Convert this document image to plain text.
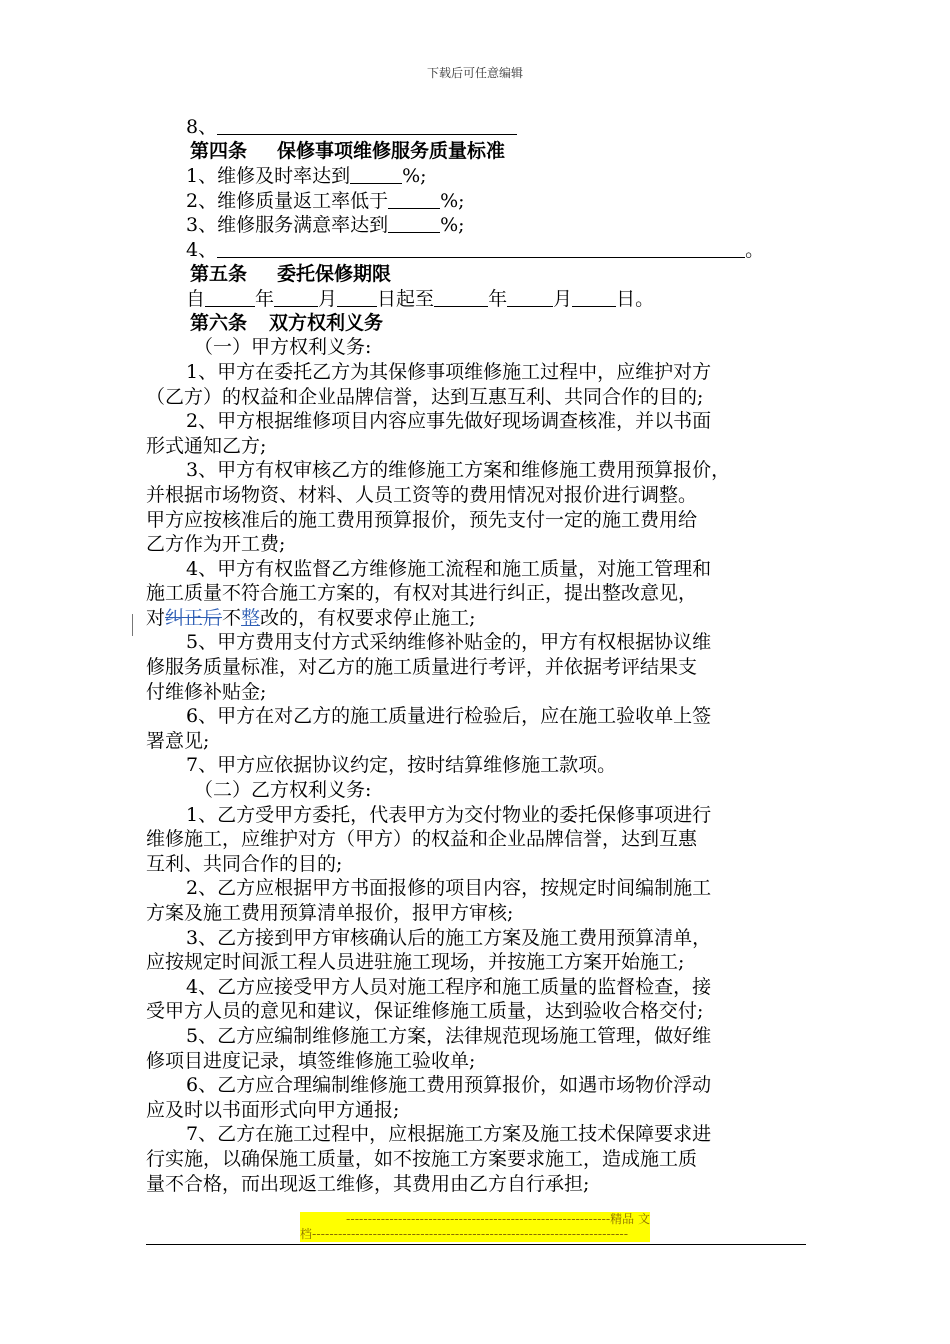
下载后可任意编辑
8、
第四条 保修事项维修服务质量标准
1、维修及时率达到	%;
2、维修质量返工率低于	%;
3、维修服务满意率达到	%;
4、	。
第五条 委托保修期限
自	年 月 日起至	年 月 日。
第六条 双方权利义务
（一）甲方权利义务:
1、甲方在委托乙方为其保修事项维修施工过程中，应维护对方
（乙方）的权益和企业品牌信誉，达到互惠互利、共同合作的目的;
2、甲方根据维修项目内容应事先做好现场调查核准，并以书面
形式通知乙方;
3、甲方有权审核乙方的维修施工方案和维修施工费用预算报价，
并根据市场物资、材料、人员工资等的费用情况对报价进行调整。
甲方应按核准后的施工费用预算报价，预先支付一定的施工费用给
乙方作为开工费;
4、甲方有权监督乙方维修施工流程和施工质量，对施工管理和
施工质量不符合施工方案的，有权对其进行纠正，提出整改意见，
对纠正后不整改的，有权要求停止施工;
5、甲方费用支付方式采纳维修补贴金的，甲方有权根据协议维
修服务质量标准，对乙方的施工质量进行考评，并依据考评结果支
付维修补贴金;
6、甲方在对乙方的施工质量进行检验后，应在施工验收单上签
署意见;
7、甲方应依据协议约定，按时结算维修施工款项。
（二）乙方权利义务:
1、乙方受甲方委托，代表甲方为交付物业的委托保修事项进行
维修施工，应维护对方（甲方）的权益和企业品牌信誉，达到互惠
互利、共同合作的目的;
2、乙方应根据甲方书面报修的项目内容，按规定时间编制施工
方案及施工费用预算清单报价，报甲方审核;
3、乙方接到甲方审核确认后的施工方案及施工费用预算清单，
应按规定时间派工程人员进驻施工现场，并按施工方案开始施工;
4、乙方应接受甲方人员对施工程序和施工质量的监督检查，接
受甲方人员的意见和建议，保证维修施工质量，达到验收合格交付;
5、乙方应编制维修施工方案，法律规范现场施工管理，做好维
修项目进度记录，填签维修施工验收单;
6、乙方应合理编制维修施工费用预算报价，如遇市场物价浮动
应及时以书面形式向甲方通报;
7、乙方在施工过程中，应根据施工方案及施工技术保障要求进
行实施，以确保施工质量，如不按施工方案要求施工，造成施工质
量不合格，而出现返工维修，其费用由乙方自行承担;
-------------------------------------------------------------精品 文
档-------------------------------------------------------------------------
